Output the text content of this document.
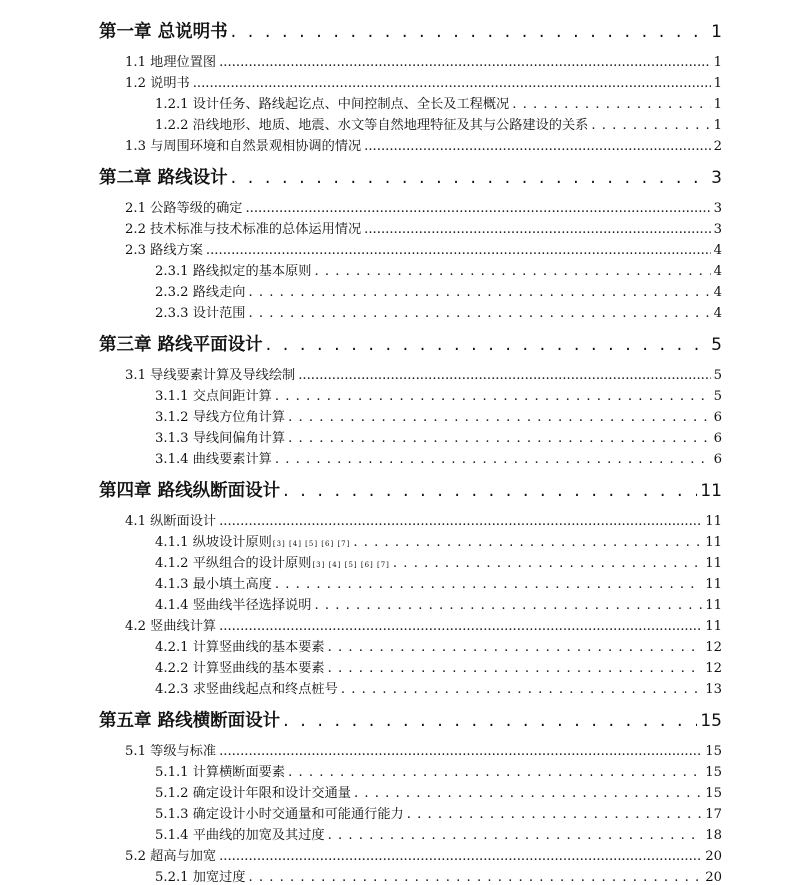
第一章 总说明书 . . .	1
1.1 地理位置图 .....	1
1.2 说明书 .....	1
1.2.1 设计任务、路线起讫点、中间控制点、全长及工程概况 . . .	1
1.2.2 沿线地形、地质、地震、水文等自然地理特征及其与公路建设的关系 . . .	1
1.3 与周围环境和自然景观相协调的情况 .....	2
第二章 路线设计 . . .	3
2.1 公路等级的确定 .....	3
2.2 技术标准与技术标准的总体运用情况 .....	3
2.3 路线方案 .....	4
2.3.1 路线拟定的基本原则 . . .	4
2.3.2 路线走向 . . .	4
2.3.3 设计范围 . . .	4
第三章 路线平面设计 . . .	5
3.1 导线要素计算及导线绘制 .....	5
3.1.1 交点间距计算 . . .	5
3.1.2 导线方位角计算 . . .	6
3.1.3 导线间偏角计算 . . .	6
3.1.4 曲线要素计算 . . .	6
第四章 路线纵断面设计 . . .	11
4.1 纵断面设计 .....	11
4.1.1 纵坡设计原则 [3] [4] [5] [6] [7] . . .	11
4.1.2 平纵组合的设计原则 [3] [4] [5] [6] [7] . . .	11
4.1.3 最小填土高度 . . .	11
4.1.4 竖曲线半径选择说明 . . .	11
4.2 竖曲线计算 .....	11
4.2.1 计算竖曲线的基本要素 . . .	12
4.2.2 计算竖曲线的基本要素 . . .	12
4.2.3 求竖曲线起点和终点桩号 . . .	13
第五章 路线横断面设计 . . .	15
5.1 等级与标准 .....	15
5.1.1 计算横断面要素 . . .	15
5.1.2 确定设计年限和设计交通量 . . .	15
5.1.3 确定设计小时交通量和可能通行能力 . . .	17
5.1.4 平曲线的加宽及其过度 . . .	18
5.2 超高与加宽 .....	20
5.2.1 加宽过度 . . .	20
